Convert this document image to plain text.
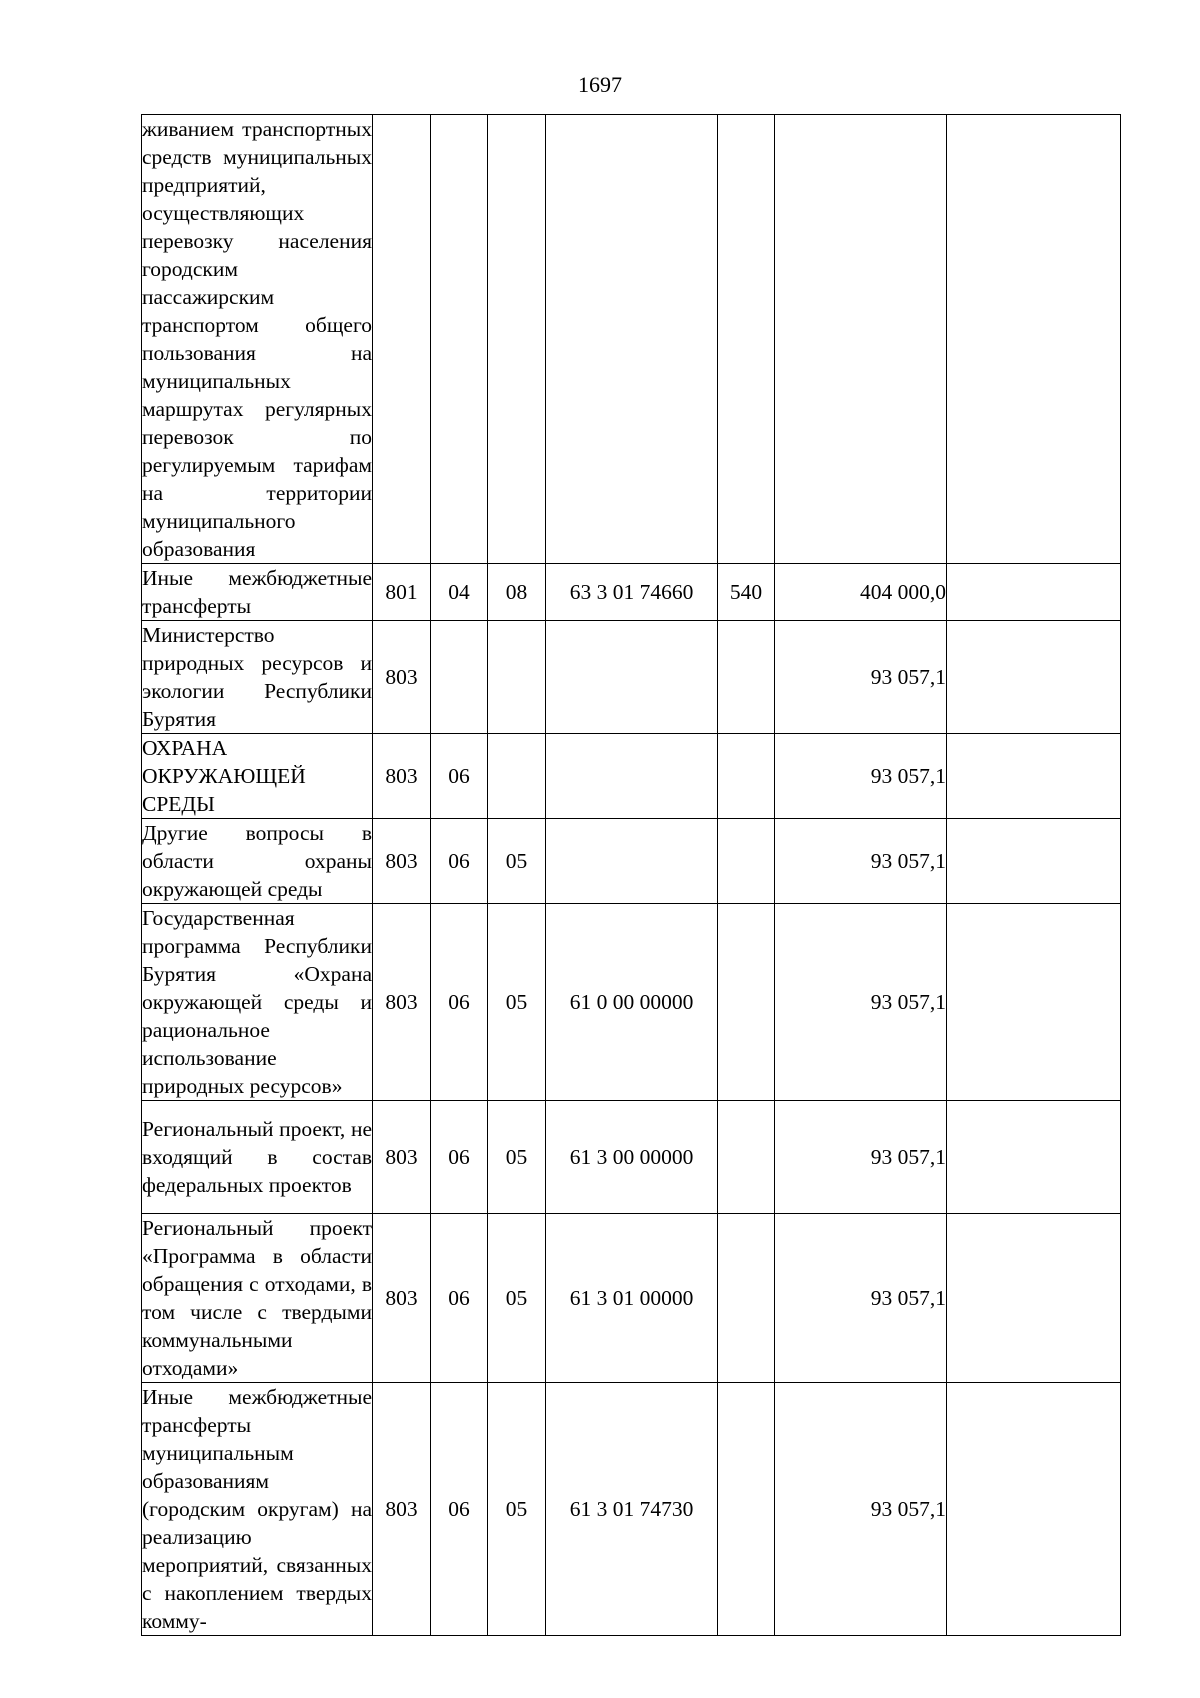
1697
живанием транспортных средств муниципальных предприятий, осуществляющих перевозку населения городским пассажирским транспортом общего пользования на муниципальных маршрутах регулярных перевозок по регулируемым тарифам на территории муниципального образования							
Иные межбюджетные трансферты	801	04	08	63 3 01 74660	540	404 000,0	
Министерство природных ресурсов и экологии Республики Бурятия	803					93 057,1	
ОХРАНА ОКРУЖАЮЩЕЙ СРЕДЫ	803	06				93 057,1	
Другие вопросы в области охраны окружающей среды	803	06	05			93 057,1	
Государственная программа Республики Бурятия «Охрана окружающей среды и рациональное использование природных ресурсов»	803	06	05	61 0 00 00000		93 057,1	
Региональный проект, не входящий в состав федеральных проектов	803	06	05	61 3 00 00000		93 057,1	
Региональный проект «Программа в области обращения с отходами, в том числе с твердыми коммунальными отходами»	803	06	05	61 3 01 00000		93 057,1	
Иные межбюджетные трансферты муниципальным образованиям (городским округам) на реализацию мероприятий, связанных с накоплением твердых комму-	803	06	05	61 3 01 74730		93 057,1	
